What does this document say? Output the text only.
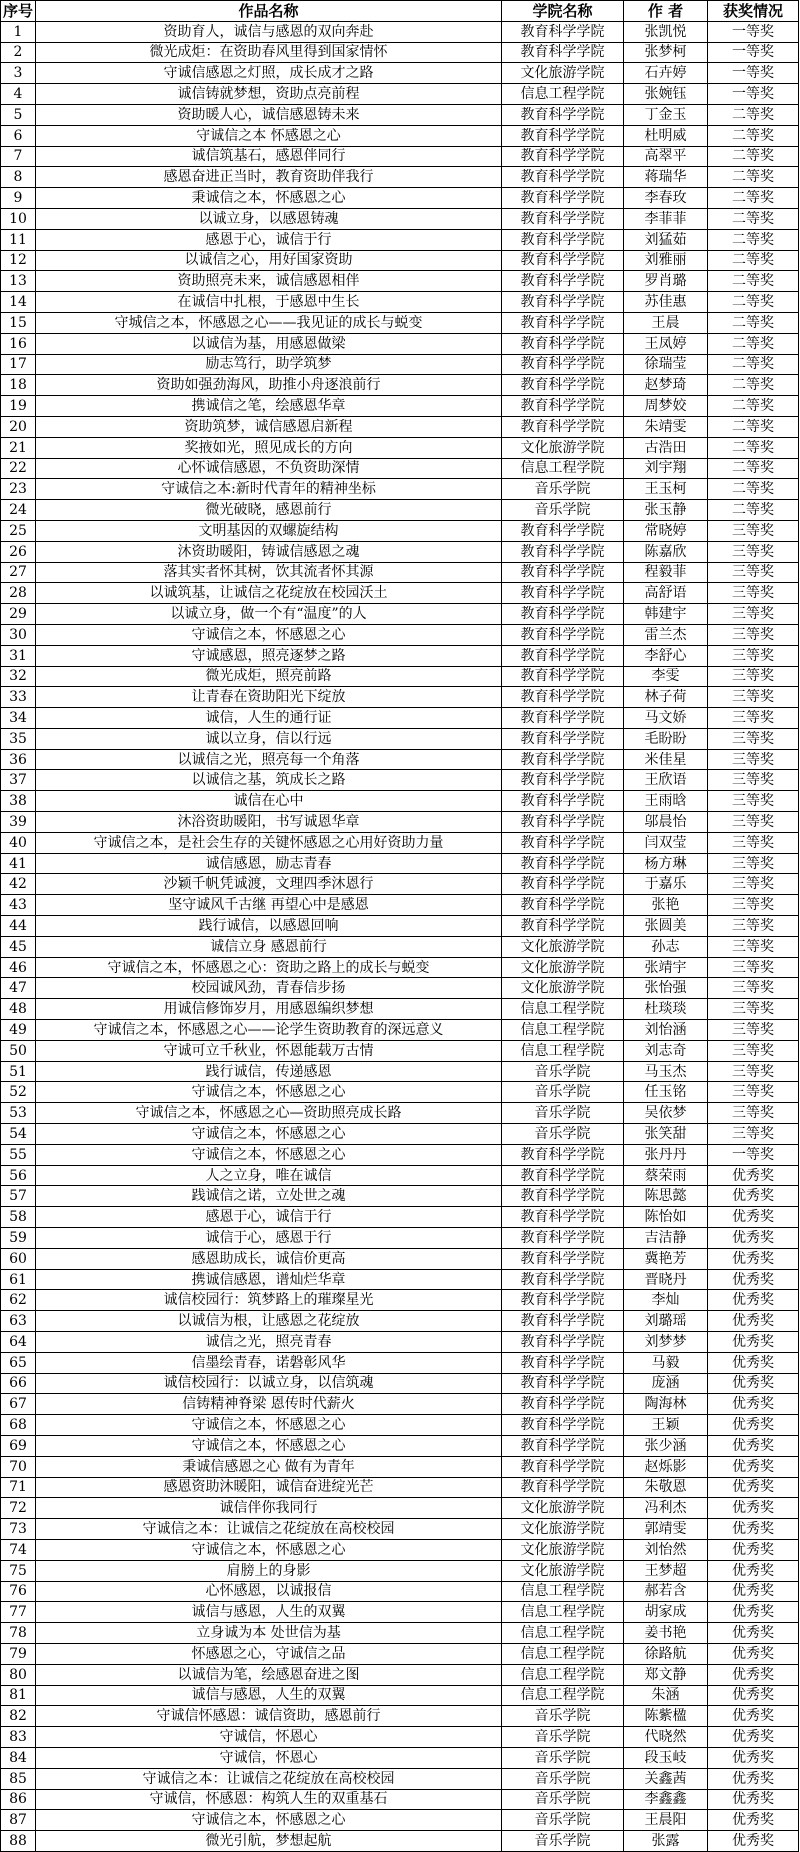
序号	作品名称	学院名称	作 者	获奖情况
1	资助育人，诚信与感恩的双向奔赴	教育科学学院	张凯悦	一等奖
2	微光成炬：在资助春风里得到国家情怀	教育科学学院	张梦柯	一等奖
3	守诚信感恩之灯照，成长成才之路	文化旅游学院	石卉婷	一等奖
4	诚信铸就梦想，资助点亮前程	信息工程学院	张婉钰	一等奖
5	资助暖人心，诚信感恩铸未来	教育科学学院	丁金玉	二等奖
6	守诚信之本 怀感恩之心	教育科学学院	杜明威	二等奖
7	诚信筑基石，感恩伴同行	教育科学学院	高翠平	二等奖
8	感恩奋进正当时，教育资助伴我行	教育科学学院	蒋瑞华	二等奖
9	秉诚信之本，怀感恩之心	教育科学学院	李春玫	二等奖
10	以诚立身，以感恩铸魂	教育科学学院	李菲菲	二等奖
11	感恩于心，诚信于行	教育科学学院	刘猛茹	二等奖
12	以诚信之心，用好国家资助	教育科学学院	刘雅丽	二等奖
13	资助照亮未来，诚信感恩相伴	教育科学学院	罗肖璐	二等奖
14	在诚信中扎根，于感恩中生长	教育科学学院	苏佳惠	二等奖
15	守城信之本，怀感恩之心——我见证的成长与蜕变	教育科学学院	王晨	二等奖
16	以诚信为基，用感恩做梁	教育科学学院	王凤婷	二等奖
17	励志笃行，助学筑梦	教育科学学院	徐瑞莹	二等奖
18	资助如强劲海风，助推小舟逐浪前行	教育科学学院	赵梦琦	二等奖
19	携诚信之笔，绘感恩华章	教育科学学院	周梦姣	二等奖
20	资助筑梦，诚信感恩启新程	教育科学学院	朱靖雯	二等奖
21	奖掖如光，照见成长的方向	文化旅游学院	古浩田	二等奖
22	心怀诚信感恩，不负资助深情	信息工程学院	刘宇翔	二等奖
23	守诚信之本:新时代青年的精神坐标	音乐学院	王玉柯	二等奖
24	微光破晓，感恩前行	音乐学院	张玉静	二等奖
25	文明基因的双螺旋结构	教育科学学院	常晓婷	三等奖
26	沐资助暖阳，铸诚信感恩之魂	教育科学学院	陈嘉欣	三等奖
27	落其实者怀其树，饮其流者怀其源	教育科学学院	程毅菲	三等奖
28	以诚筑基，让诚信之花绽放在校园沃土	教育科学学院	高舒语	三等奖
29	以诚立身，做一个有“温度”的人	教育科学学院	韩建宇	三等奖
30	守诚信之本，怀感恩之心	教育科学学院	雷兰杰	三等奖
31	守诚感恩，照亮逐梦之路	教育科学学院	李舒心	三等奖
32	微光成炬，照亮前路	教育科学学院	李雯	三等奖
33	让青春在资助阳光下绽放	教育科学学院	林子荷	三等奖
34	诚信，人生的通行证	教育科学学院	马文娇	三等奖
35	诚以立身，信以行远	教育科学学院	毛盼盼	三等奖
36	以诚信之光，照亮每一个角落	教育科学学院	米佳星	三等奖
37	以诚信之基，筑成长之路	教育科学学院	王欣语	三等奖
38	诚信在心中	教育科学学院	王雨晗	三等奖
39	沐浴资助暖阳，书写诚恩华章	教育科学学院	邬晨怡	三等奖
40	守诚信之本，是社会生存的关键怀感恩之心用好资助力量	教育科学学院	闫双莹	三等奖
41	诚信感恩，励志青春	教育科学学院	杨方琳	三等奖
42	沙颖千帆凭诚渡，文理四季沐恩行	教育科学学院	于嘉乐	三等奖
43	坚守诚风千古继 再望心中是感恩	教育科学学院	张艳	三等奖
44	践行诚信，以感恩回响	教育科学学院	张圆美	三等奖
45	诚信立身 感恩前行	文化旅游学院	孙志	三等奖
46	守诚信之本，怀感恩之心：资助之路上的成长与蜕变	文化旅游学院	张靖宇	三等奖
47	校园诚风劲，青春信步扬	文化旅游学院	张怡强	三等奖
48	用诚信修饰岁月，用感恩编织梦想	信息工程学院	杜琰琰	三等奖
49	守诚信之本，怀感恩之心——论学生资助教育的深远意义	信息工程学院	刘怡涵	三等奖
50	守诚可立千秋业，怀恩能载万古情	信息工程学院	刘志奇	三等奖
51	践行诚信，传递感恩	音乐学院	马玉杰	三等奖
52	守诚信之本，怀感恩之心	音乐学院	任玉铭	三等奖
53	守诚信之本，怀感恩之心—资助照亮成长路	音乐学院	吴依梦	三等奖
54	守诚信之本，怀感恩之心	音乐学院	张笑甜	三等奖
55	守诚信之本，怀感恩之心	教育科学学院	张丹丹	一等奖
56	人之立身，唯在诚信	教育科学学院	蔡荣雨	优秀奖
57	践诚信之诺，立处世之魂	教育科学学院	陈思懿	优秀奖
58	感恩于心，诚信于行	教育科学学院	陈怡如	优秀奖
59	诚信于心，感恩于行	教育科学学院	吉洁静	优秀奖
60	感恩助成长，诚信价更高	教育科学学院	冀艳芳	优秀奖
61	携诚信感恩，谱灿烂华章	教育科学学院	晋晓丹	优秀奖
62	诚信校园行：筑梦路上的璀璨星光	教育科学学院	李灿	优秀奖
63	以诚信为根，让感恩之花绽放	教育科学学院	刘璐瑶	优秀奖
64	诚信之光，照亮青春	教育科学学院	刘梦梦	优秀奖
65	信墨绘青春，诺磐彰风华	教育科学学院	马毅	优秀奖
66	诚信校园行：以诚立身，以信筑魂	教育科学学院	庞涵	优秀奖
67	信铸精神脊梁 恩传时代薪火	教育科学学院	陶海林	优秀奖
68	守诚信之本，怀感恩之心	教育科学学院	王颖	优秀奖
69	守诚信之本，怀感恩之心	教育科学学院	张少涵	优秀奖
70	秉诚信感恩之心 做有为青年	教育科学学院	赵烁影	优秀奖
71	感恩资助沐暖阳，诚信奋进绽光芒	教育科学学院	朱敬恩	优秀奖
72	诚信伴你我同行	文化旅游学院	冯利杰	优秀奖
73	守诚信之本：让诚信之花绽放在高校校园	文化旅游学院	郭靖雯	优秀奖
74	守诚信之本，怀感恩之心	文化旅游学院	刘怡然	优秀奖
75	肩膀上的身影	文化旅游学院	王梦超	优秀奖
76	心怀感恩，以诚报信	信息工程学院	郝若含	优秀奖
77	诚信与感恩，人生的双翼	信息工程学院	胡家成	优秀奖
78	立身诚为本 处世信为基	信息工程学院	姜书艳	优秀奖
79	怀感恩之心，守诚信之品	信息工程学院	徐路航	优秀奖
80	以诚信为笔，绘感恩奋进之图	信息工程学院	郑文静	优秀奖
81	诚信与感恩，人生的双翼	信息工程学院	朱涵	优秀奖
82	守诚信怀感恩：诚信资助，感恩前行	音乐学院	陈紫楹	优秀奖
83	守诚信，怀恩心	音乐学院	代晓然	优秀奖
84	守诚信，怀恩心	音乐学院	段玉岐	优秀奖
85	守诚信之本：让诚信之花绽放在高校校园	音乐学院	关鑫茜	优秀奖
86	守诚信，怀感恩：构筑人生的双重基石	音乐学院	李鑫鑫	优秀奖
87	守诚信之本，怀感恩之心	音乐学院	王晨阳	优秀奖
88	微光引航，梦想起航	音乐学院	张露	优秀奖
